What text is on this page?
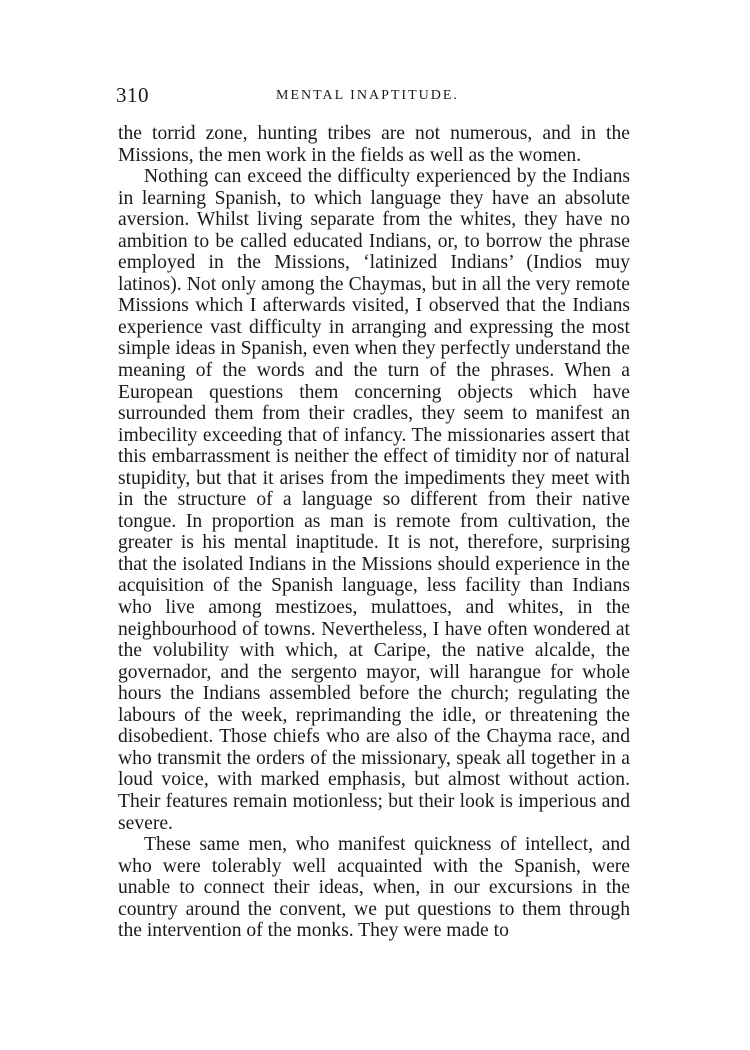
310	MENTAL INAPTITUDE.

the torrid zone, hunting tribes are not numerous, and in the Missions, the men work in the fields as well as the women.

Nothing can exceed the difficulty experienced by the Indians in learning Spanish, to which language they have an absolute aversion. Whilst living separate from the whites, they have no ambition to be called educated Indians, or, to borrow the phrase employed in the Missions, ‘latinized Indians’ (Indios muy latinos). Not only among the Chaymas, but in all the very remote Missions which I afterwards visited, I observed that the Indians experience vast difficulty in arranging and expressing the most simple ideas in Spanish, even when they perfectly understand the meaning of the words and the turn of the phrases. When a European questions them concerning objects which have surrounded them from their cradles, they seem to manifest an imbecility exceeding that of infancy. The missionaries assert that this embarrassment is neither the effect of timidity nor of natural stupidity, but that it arises from the impediments they meet with in the structure of a language so different from their native tongue. In proportion as man is remote from cultivation, the greater is his mental inaptitude. It is not, therefore, surprising that the isolated Indians in the Missions should experience in the acquisition of the Spanish language, less facility than Indians who live among mestizoes, mulattoes, and whites, in the neighbourhood of towns. Nevertheless, I have often wondered at the volubility with which, at Caripe, the native alcalde, the governador, and the sergento mayor, will harangue for whole hours the Indians assembled before the church; regulating the labours of the week, reprimanding the idle, or threatening the disobedient. Those chiefs who are also of the Chayma race, and who transmit the orders of the missionary, speak all together in a loud voice, with marked emphasis, but almost without action. Their features remain motionless; but their look is imperious and severe.

These same men, who manifest quickness of intellect, and who were tolerably well acquainted with the Spanish, were unable to connect their ideas, when, in our excursions in the country around the convent, we put questions to them through the intervention of the monks. They were made to
